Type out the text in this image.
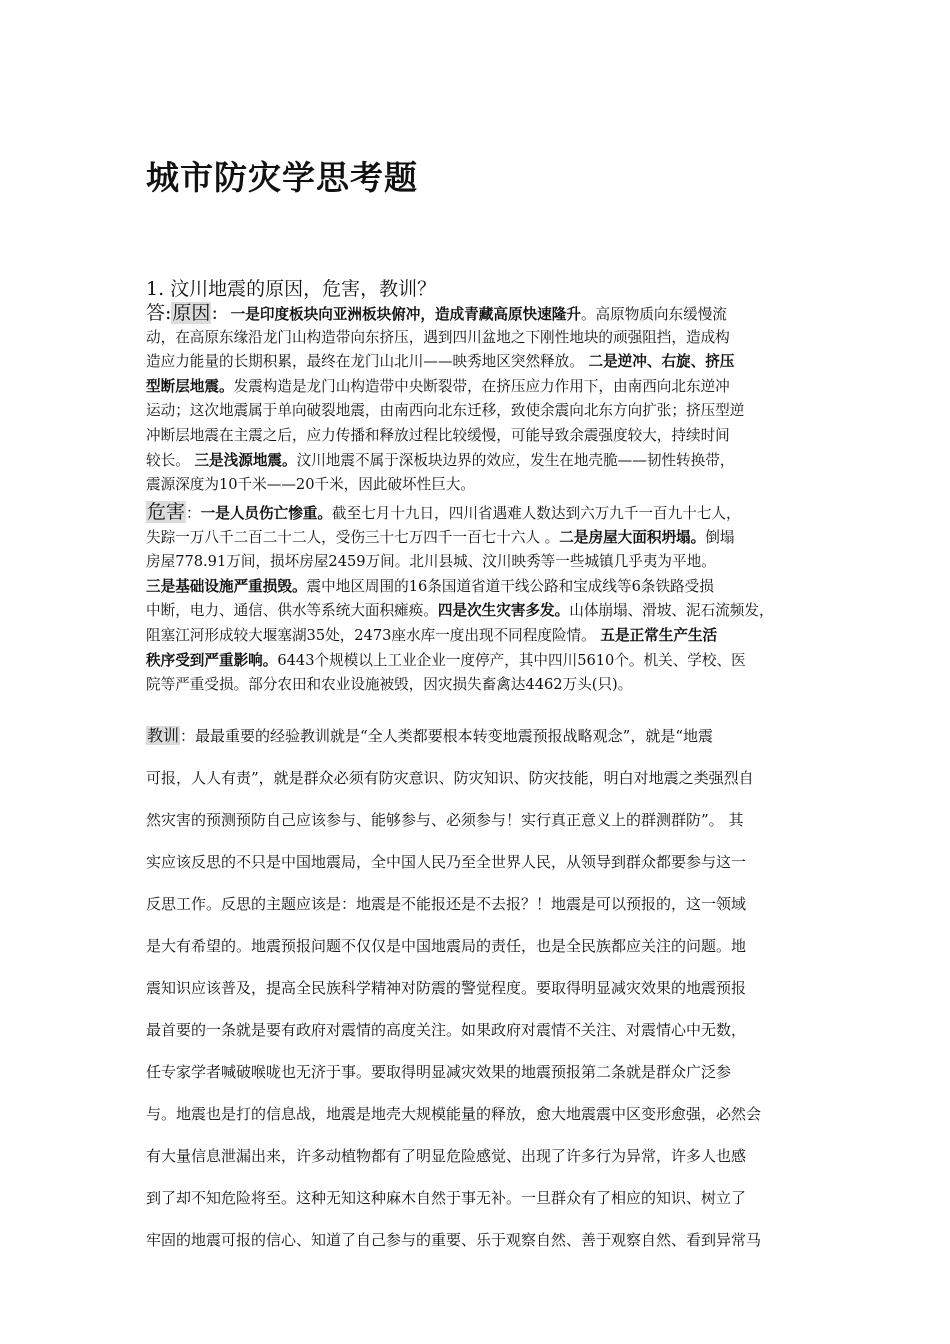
城市防灾学思考题
1. 汶川地震的原因，危害，教训？
答:原因： 一是印度板块向亚洲板块俯冲，造成青藏高原快速隆升。高原物质向东缓慢流
动，在高原东缘沿龙门山构造带向东挤压，遇到四川盆地之下刚性地块的顽强阻挡，造成构
造应力能量的长期积累，最终在龙门山北川——映秀地区突然释放。 二是逆冲、右旋、挤压
型断层地震。发震构造是龙门山构造带中央断裂带，在挤压应力作用下，由南西向北东逆冲
运动；这次地震属于单向破裂地震，由南西向北东迁移，致使余震向北东方向扩张；挤压型逆
冲断层地震在主震之后，应力传播和释放过程比较缓慢，可能导致余震强度较大，持续时间
较长。 三是浅源地震。汶川地震不属于深板块边界的效应，发生在地壳脆——韧性转换带，
震源深度为10千米——20千米，因此破坏性巨大。
危害：一是人员伤亡惨重。截至七月十九日，四川省遇难人数达到六万九千一百九十七人，
失踪一万八千二百二十二人，受伤三十七万四千一百七十六人 。二是房屋大面积坍塌。倒塌
房屋778.91万间，损坏房屋2459万间。北川县城、汶川映秀等一些城镇几乎夷为平地。
三是基础设施严重损毁。震中地区周围的16条国道省道干线公路和宝成线等6条铁路受损
中断，电力、通信、供水等系统大面积瘫痪。四是次生灾害多发。山体崩塌、滑坡、泥石流频发，
阻塞江河形成较大堰塞湖35处，2473座水库一度出现不同程度险情。 五是正常生产生活
秩序受到严重影响。6443个规模以上工业企业一度停产，其中四川5610个。机关、学校、医
院等严重受损。部分农田和农业设施被毁，因灾损失畜禽达4462万头(只)。
教训：最最重要的经验教训就是“全人类都要根本转变地震预报战略观念”，就是“地震
可报，人人有责”，就是群众必须有防灾意识、防灾知识、防灾技能，明白对地震之类强烈自
然灾害的预测预防自己应该参与、能够参与、必须参与！实行真正意义上的群测群防”。 其
实应该反思的不只是中国地震局，全中国人民乃至全世界人民，从领导到群众都要参与这一
反思工作。反思的主题应该是：地震是不能报还是不去报？！地震是可以预报的，这一领域
是大有希望的。地震预报问题不仅仅是中国地震局的责任，也是全民族都应关注的问题。地
震知识应该普及，提高全民族科学精神对防震的警觉程度。要取得明显减灾效果的地震预报
最首要的一条就是要有政府对震情的高度关注。如果政府对震情不关注、对震情心中无数，
任专家学者喊破喉咙也无济于事。要取得明显减灾效果的地震预报第二条就是群众广泛参
与。地震也是打的信息战，地震是地壳大规模能量的释放，愈大地震震中区变形愈强，必然会
有大量信息泄漏出来，许多动植物都有了明显危险感觉、出现了许多行为异常，许多人也感
到了却不知危险将至。这种无知这种麻木自然于事无补。一旦群众有了相应的知识、树立了
牢固的地震可报的信心、知道了自己参与的重要、乐于观察自然、善于观察自然、看到异常马
